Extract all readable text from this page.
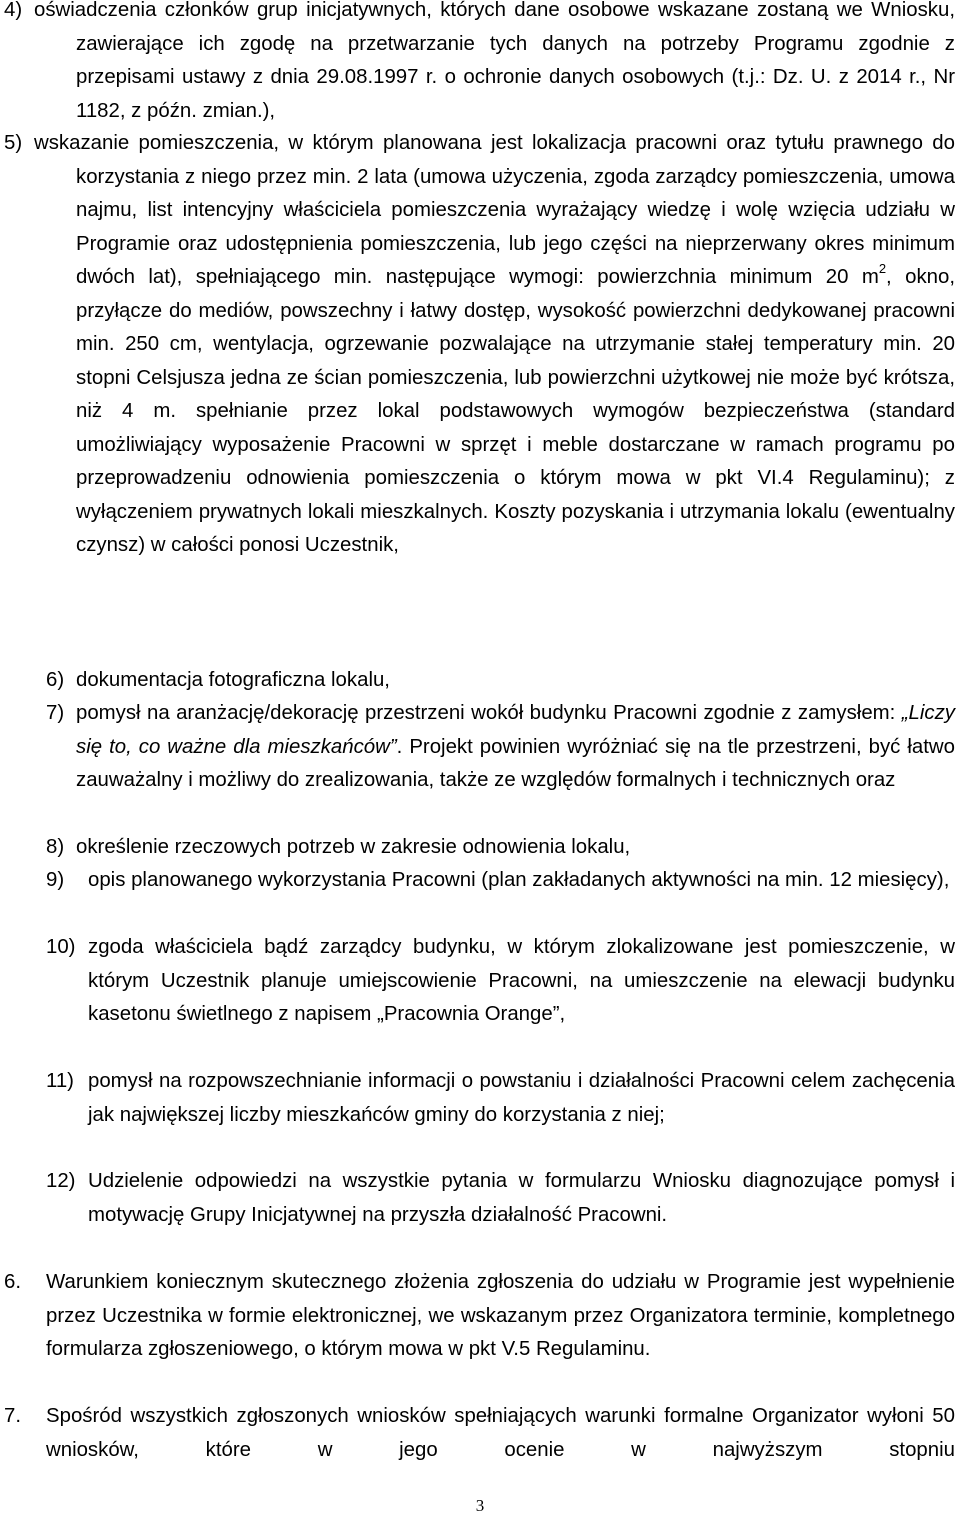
4) oświadczenia członków grup inicjatywnych, których dane osobowe wskazane zostaną we Wniosku, zawierające ich zgodę na przetwarzanie tych danych na potrzeby Programu zgodnie z przepisami ustawy z dnia 29.08.1997 r. o ochronie danych osobowych (t.j.: Dz. U. z 2014 r., Nr 1182, z późn. zmian.),

5) wskazanie pomieszczenia, w którym planowana jest lokalizacja pracowni oraz tytułu prawnego do korzystania z niego przez min. 2 lata (umowa użyczenia, zgoda zarządcy pomieszczenia, umowa najmu, list intencyjny właściciela pomieszczenia wyrażający wiedzę i wolę wzięcia udziału w Programie oraz udostępnienia pomieszczenia, lub jego części na nieprzerwany okres minimum dwóch lat), spełniającego min. następujące wymogi: powierzchnia minimum 20 $m^2$, okno, przyłącze do mediów, powszechny i łatwy dostęp, wysokość powierzchni dedykowanej pracowni min. 250 cm, wentylacja, ogrzewanie pozwalające na utrzymanie stałej temperatury min. 20 stopni Celsjusza jedna ze ścian pomieszczenia, lub powierzchni użytkowej nie może być krótsza, niż 4 m. spełnianie przez lokal podstawowych wymogów bezpieczeństwa (standard umożliwiający wyposażenie Pracowni w sprzęt i meble dostarczane w ramach programu po przeprowadzeniu odnowienia pomieszczenia o którym mowa w pkt VI.4 Regulaminu); z wyłączeniem prywatnych lokali mieszkalnych. Koszty pozyskania i utrzymania lokalu (ewentualny czynsz) w całości ponosi Uczestnik,

6) dokumentacja fotograficzna lokalu,

7) pomysł na aranżację/dekorację przestrzeni wokół budynku Pracowni zgodnie z zamysłem: „Liczy się to, co ważne dla mieszkańców”. Projekt powinien wyróżniać się na tle przestrzeni, być łatwo zauważalny i możliwy do zrealizowania, także ze względów formalnych i technicznych oraz

8) określenie rzeczowych potrzeb w zakresie odnowienia lokalu,

9) opis planowanego wykorzystania Pracowni (plan zakładanych aktywności na min. 12 miesięcy),

10) zgoda właściciela bądź zarządcy budynku, w którym zlokalizowane jest pomieszczenie, w którym Uczestnik planuje umiejscowienie Pracowni, na umieszczenie na elewacji budynku kasetonu świetlnego z napisem „Pracownia Orange”,

11) pomysł na rozpowszechnianie informacji o powstaniu i działalności Pracowni celem zachęcenia jak największej liczby mieszkańców gminy do korzystania z niej;

12) Udzielenie odpowiedzi na wszystkie pytania w formularzu Wniosku diagnozujące pomysł i motywację Grupy Inicjatywnej na przyszła działalność Pracowni.

6. Warunkiem koniecznym skutecznego złożenia zgłoszenia do udziału w Programie jest wypełnienie przez Uczestnika w formie elektronicznej, we wskazanym przez Organizatora terminie, kompletnego formularza zgłoszeniowego, o którym mowa w pkt V.5 Regulaminu.

7. Spośród wszystkich zgłoszonych wniosków spełniających warunki formalne Organizator wyłoni 50 wniosków, które w jego ocenie w najwyższym stopniu

3
